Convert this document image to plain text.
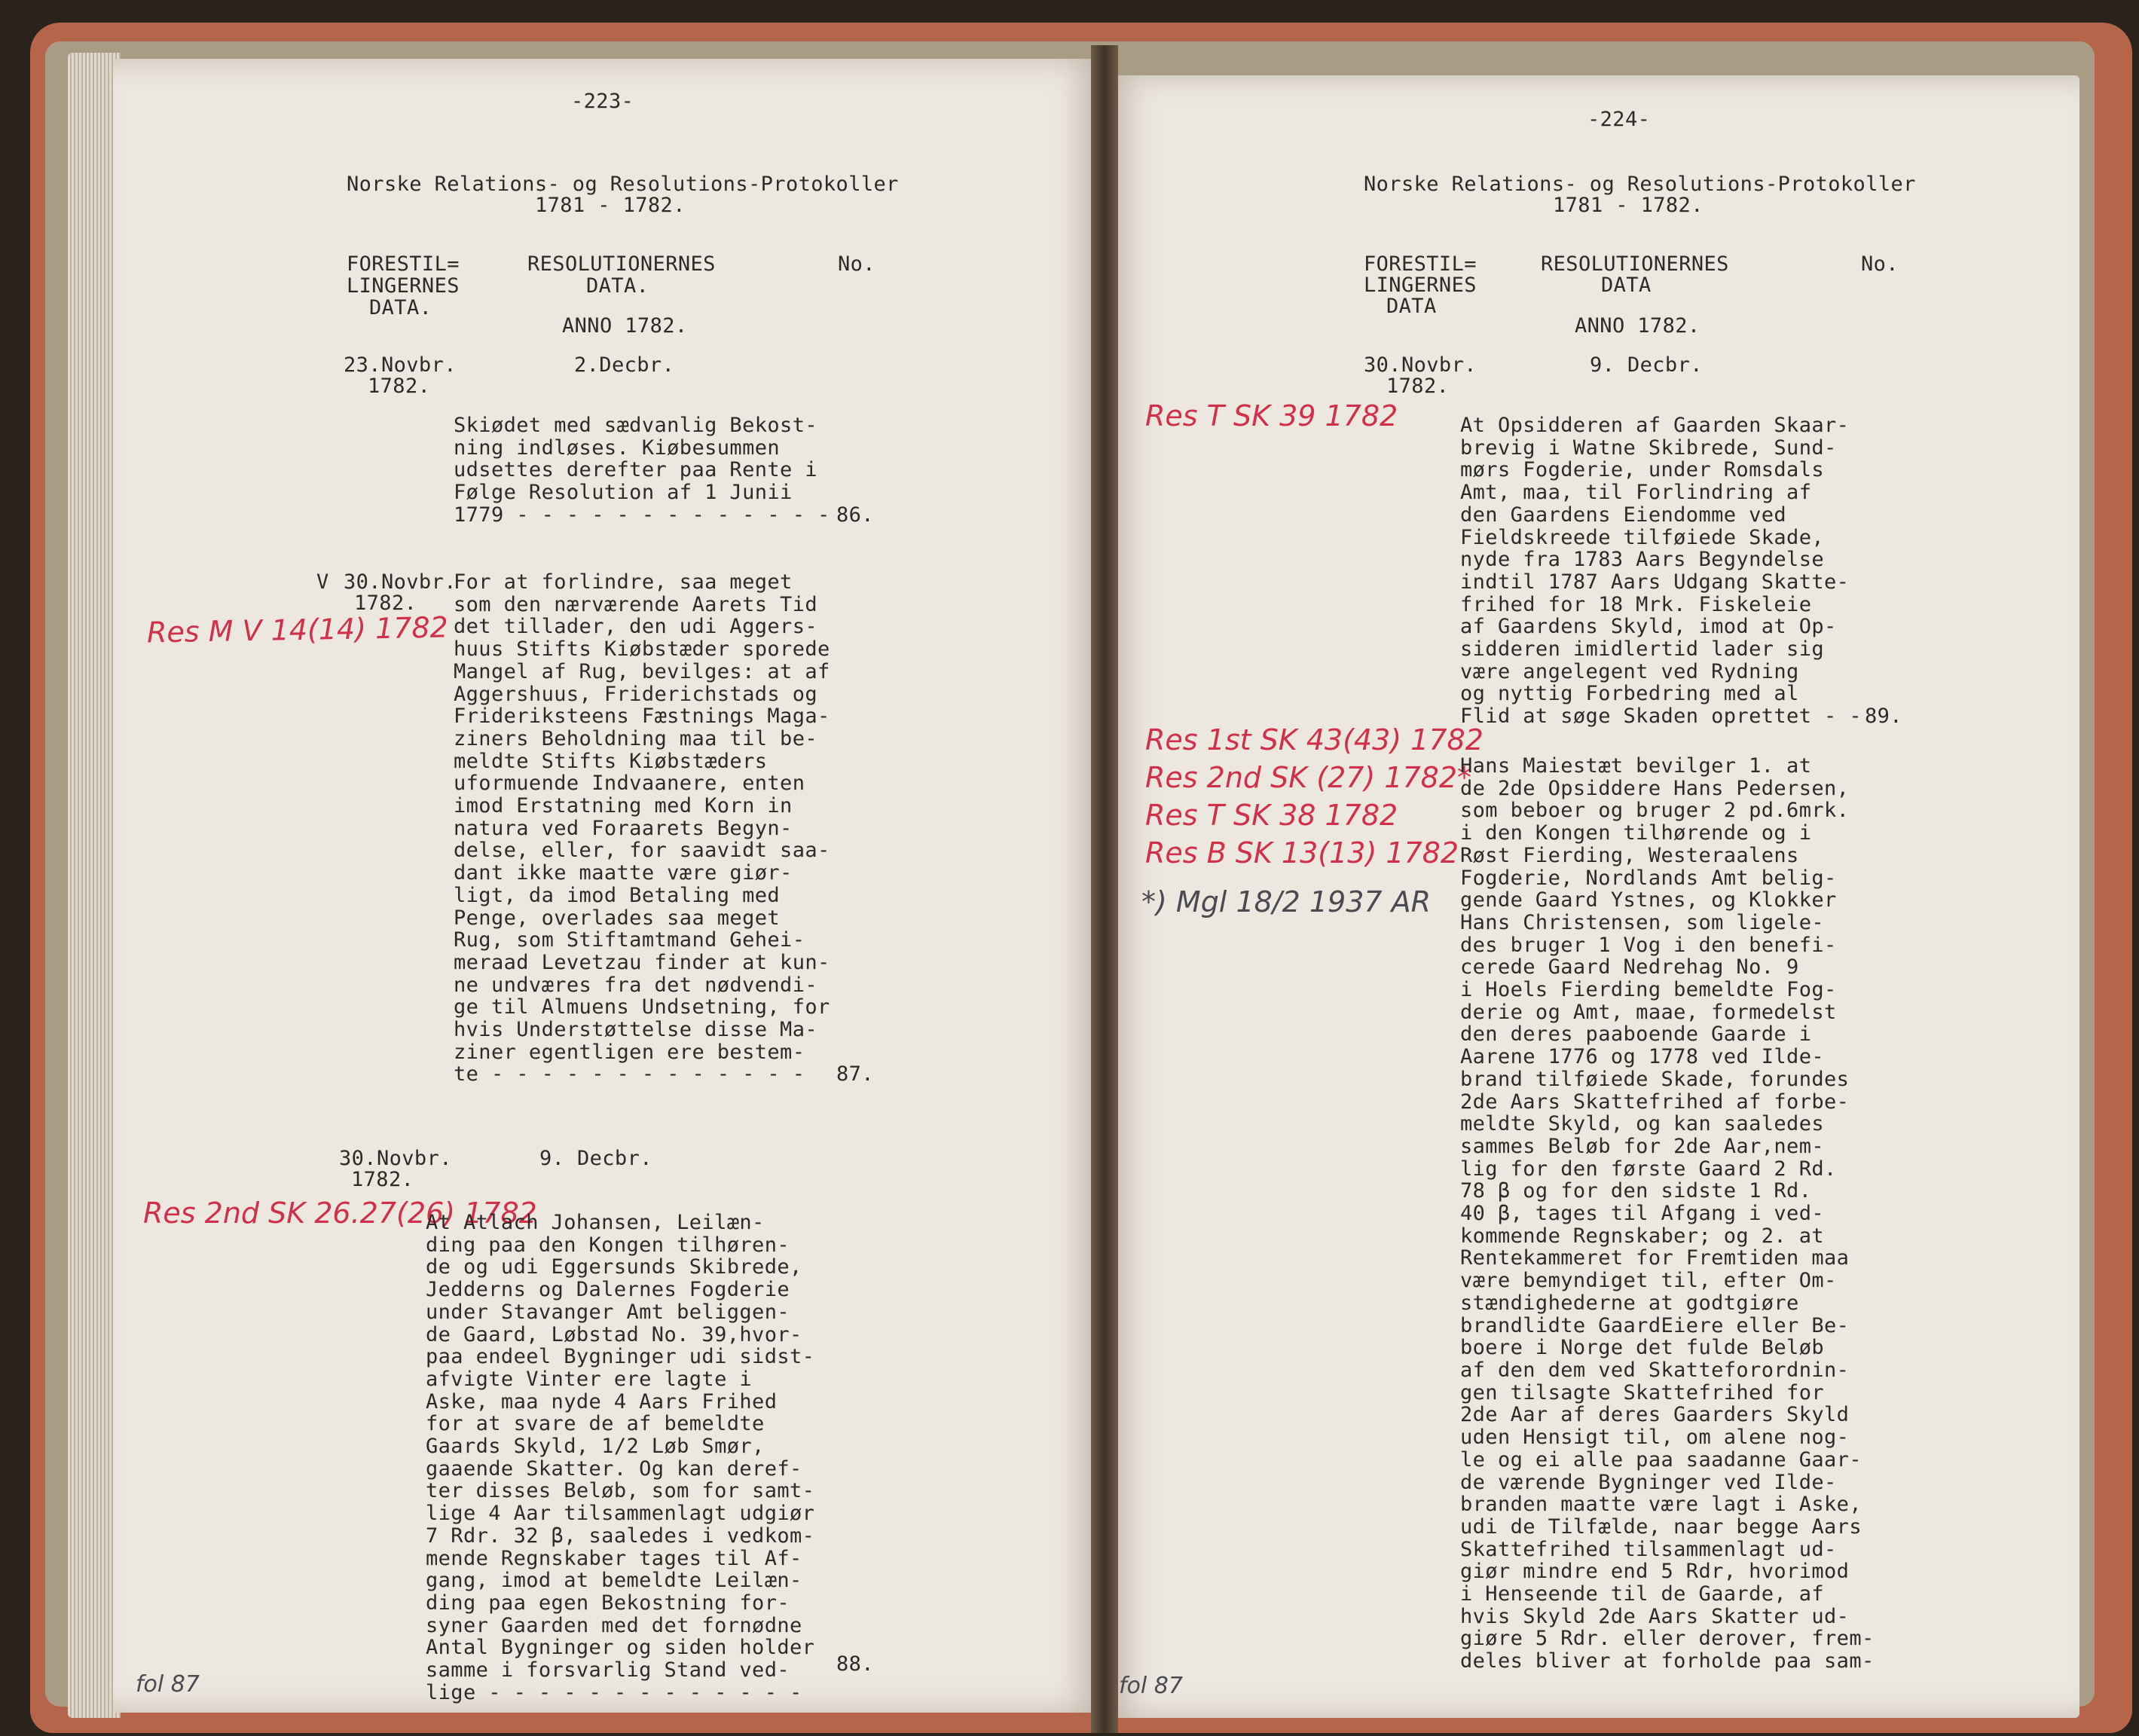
-223-
Norske Relations- og Resolutions-Protokoller
1781 - 1782.
FORESTIL=
LINGERNES
DATA.
RESOLUTIONERNES
DATA.
No.
ANNO 1782.
23.Novbr.
1782.
2.Decbr.
Skiødet med sædvanlig Bekost-
ning indløses. Kiøbesummen
udsettes derefter paa Rente i
Følge Resolution af 1 Junii
1779 - - - - - - - - - - - - - 86.
V 30.Novbr.
1782.
Res M V 14(14) 1782
For at forlindre, saa meget
som den nærværende Aarets Tid
det tillader, den udi Aggers-
huus Stifts Kiøbstæder sporede
Mangel af Rug, bevilges: at af
Aggershuus, Friderichstads og
Frideriksteens Fæstnings Maga-
ziners Beholdning maa til be-
meldte Stifts Kiøbstæders
uformuende Indvaanere, enten
imod Erstatning med Korn in
natura ved Foraarets Begyn-
delse, eller, for saavidt saa-
dant ikke maatte være giør-
ligt, da imod Betaling med
Penge, overlades saa meget
Rug, som Stiftamtmand Gehei-
meraad Levetzau finder at kun-
ne undværes fra det nødvendi-
ge til Almuens Undsetning, for
hvis Understøttelse disse Ma-
ziner egentligen ere bestem-
te - - - - - - - - - - - - -	87.
30.Novbr.
1782.
9. Decbr.
Res 2nd SK 26.27(26) 1782
At Atlach Johansen, Leilæn-
ding paa den Kongen tilhøren-
de og udi Eggersunds Skibrede,
Jedderns og Dalernes Fogderie
under Stavanger Amt beliggen-
de Gaard, Løbstad No. 39,hvor-
paa endeel Bygninger udi sidst-
afvigte Vinter ere lagte i
Aske, maa nyde 4 Aars Frihed
for at svare de af bemeldte
Gaards Skyld, 1/2 Løb Smør,
gaaende Skatter. Og kan deref-
ter disses Beløb, som for samt-
lige 4 Aar tilsammenlagt udgiør
7 Rdr. 32 β, saaledes i vedkom-
mende Regnskaber tages til Af-
gang, imod at bemeldte Leilæn-
ding paa egen Bekostning for-
syner Gaarden med det fornødne
Antal Bygninger og siden holder
samme i forsvarlig Stand ved-
lige - - - - - - - - - - - - -
88.
fol 87
-224-
Norske Relations- og Resolutions-Protokoller
1781 - 1782.
FORESTIL=
LINGERNES
DATA
RESOLUTIONERNES
DATA
No.
ANNO 1782.
30.Novbr.
1782.
9. Decbr.
Res T SK 39 1782	At Opsidderen af Gaarden Skaar-
brevig i Watne Skibrede, Sund-
mørs Fogderie, under Romsdals
Amt, maa, til Forlindring af
den Gaardens Eiendomme ved
Fieldskreede tilføiede Skade,
nyde fra 1783 Aars Begyndelse
indtil 1787 Aars Udgang Skatte-
frihed for 18 Mrk. Fiskeleie
af Gaardens Skyld, imod at Op-
sidderen imidlertid lader sig
være angelegent ved Rydning
og nyttig Forbedring med al
Flid at søge Skaden oprettet - - 89.
Res 1st SK 43(43) 1782
Res 2nd SK (27) 1782*
Res T SK 38 1782
Res B SK 13(13) 1782
*) Mgl 18/2 1937 AR
Hans Maiestæt bevilger 1. at
de 2de Opsiddere Hans Pedersen,
som beboer og bruger 2 pd.6mrk.
i den Kongen tilhørende og i
Røst Fierding, Westeraalens
Fogderie, Nordlands Amt belig-
gende Gaard Ystnes, og Klokker
Hans Christensen, som ligele-
des bruger 1 Vog i den benefi-
cerede Gaard Nedrehag No. 9
i Hoels Fierding bemeldte Fog-
derie og Amt, maae, formedelst
den deres paaboende Gaarde i
Aarene 1776 og 1778 ved Ilde-
brand tilføiede Skade, forundes
2de Aars Skattefrihed af forbe-
meldte Skyld, og kan saaledes
sammes Beløb for 2de Aar,nem-
lig for den første Gaard 2 Rd.
78 β og for den sidste 1 Rd.
40 β, tages til Afgang i ved-
kommende Regnskaber; og 2. at
Rentekammeret for Fremtiden maa
være bemyndiget til, efter Om-
stændighederne at godtgiøre
brandlidte GaardEiere eller Be-
boere i Norge det fulde Beløb
af den dem ved Skatteforordnin-
gen tilsagte Skattefrihed for
2de Aar af deres Gaarders Skyld
uden Hensigt til, om alene nog-
le og ei alle paa saadanne Gaar-
de værende Bygninger ved Ilde-
branden maatte være lagt i Aske,
udi de Tilfælde, naar begge Aars
Skattefrihed tilsammenlagt ud-
giør mindre end 5 Rdr, hvorimod
i Henseende til de Gaarde, af
hvis Skyld 2de Aars Skatter ud-
giøre 5 Rdr. eller derover, frem-
deles bliver at forholde paa sam-
fol 87
